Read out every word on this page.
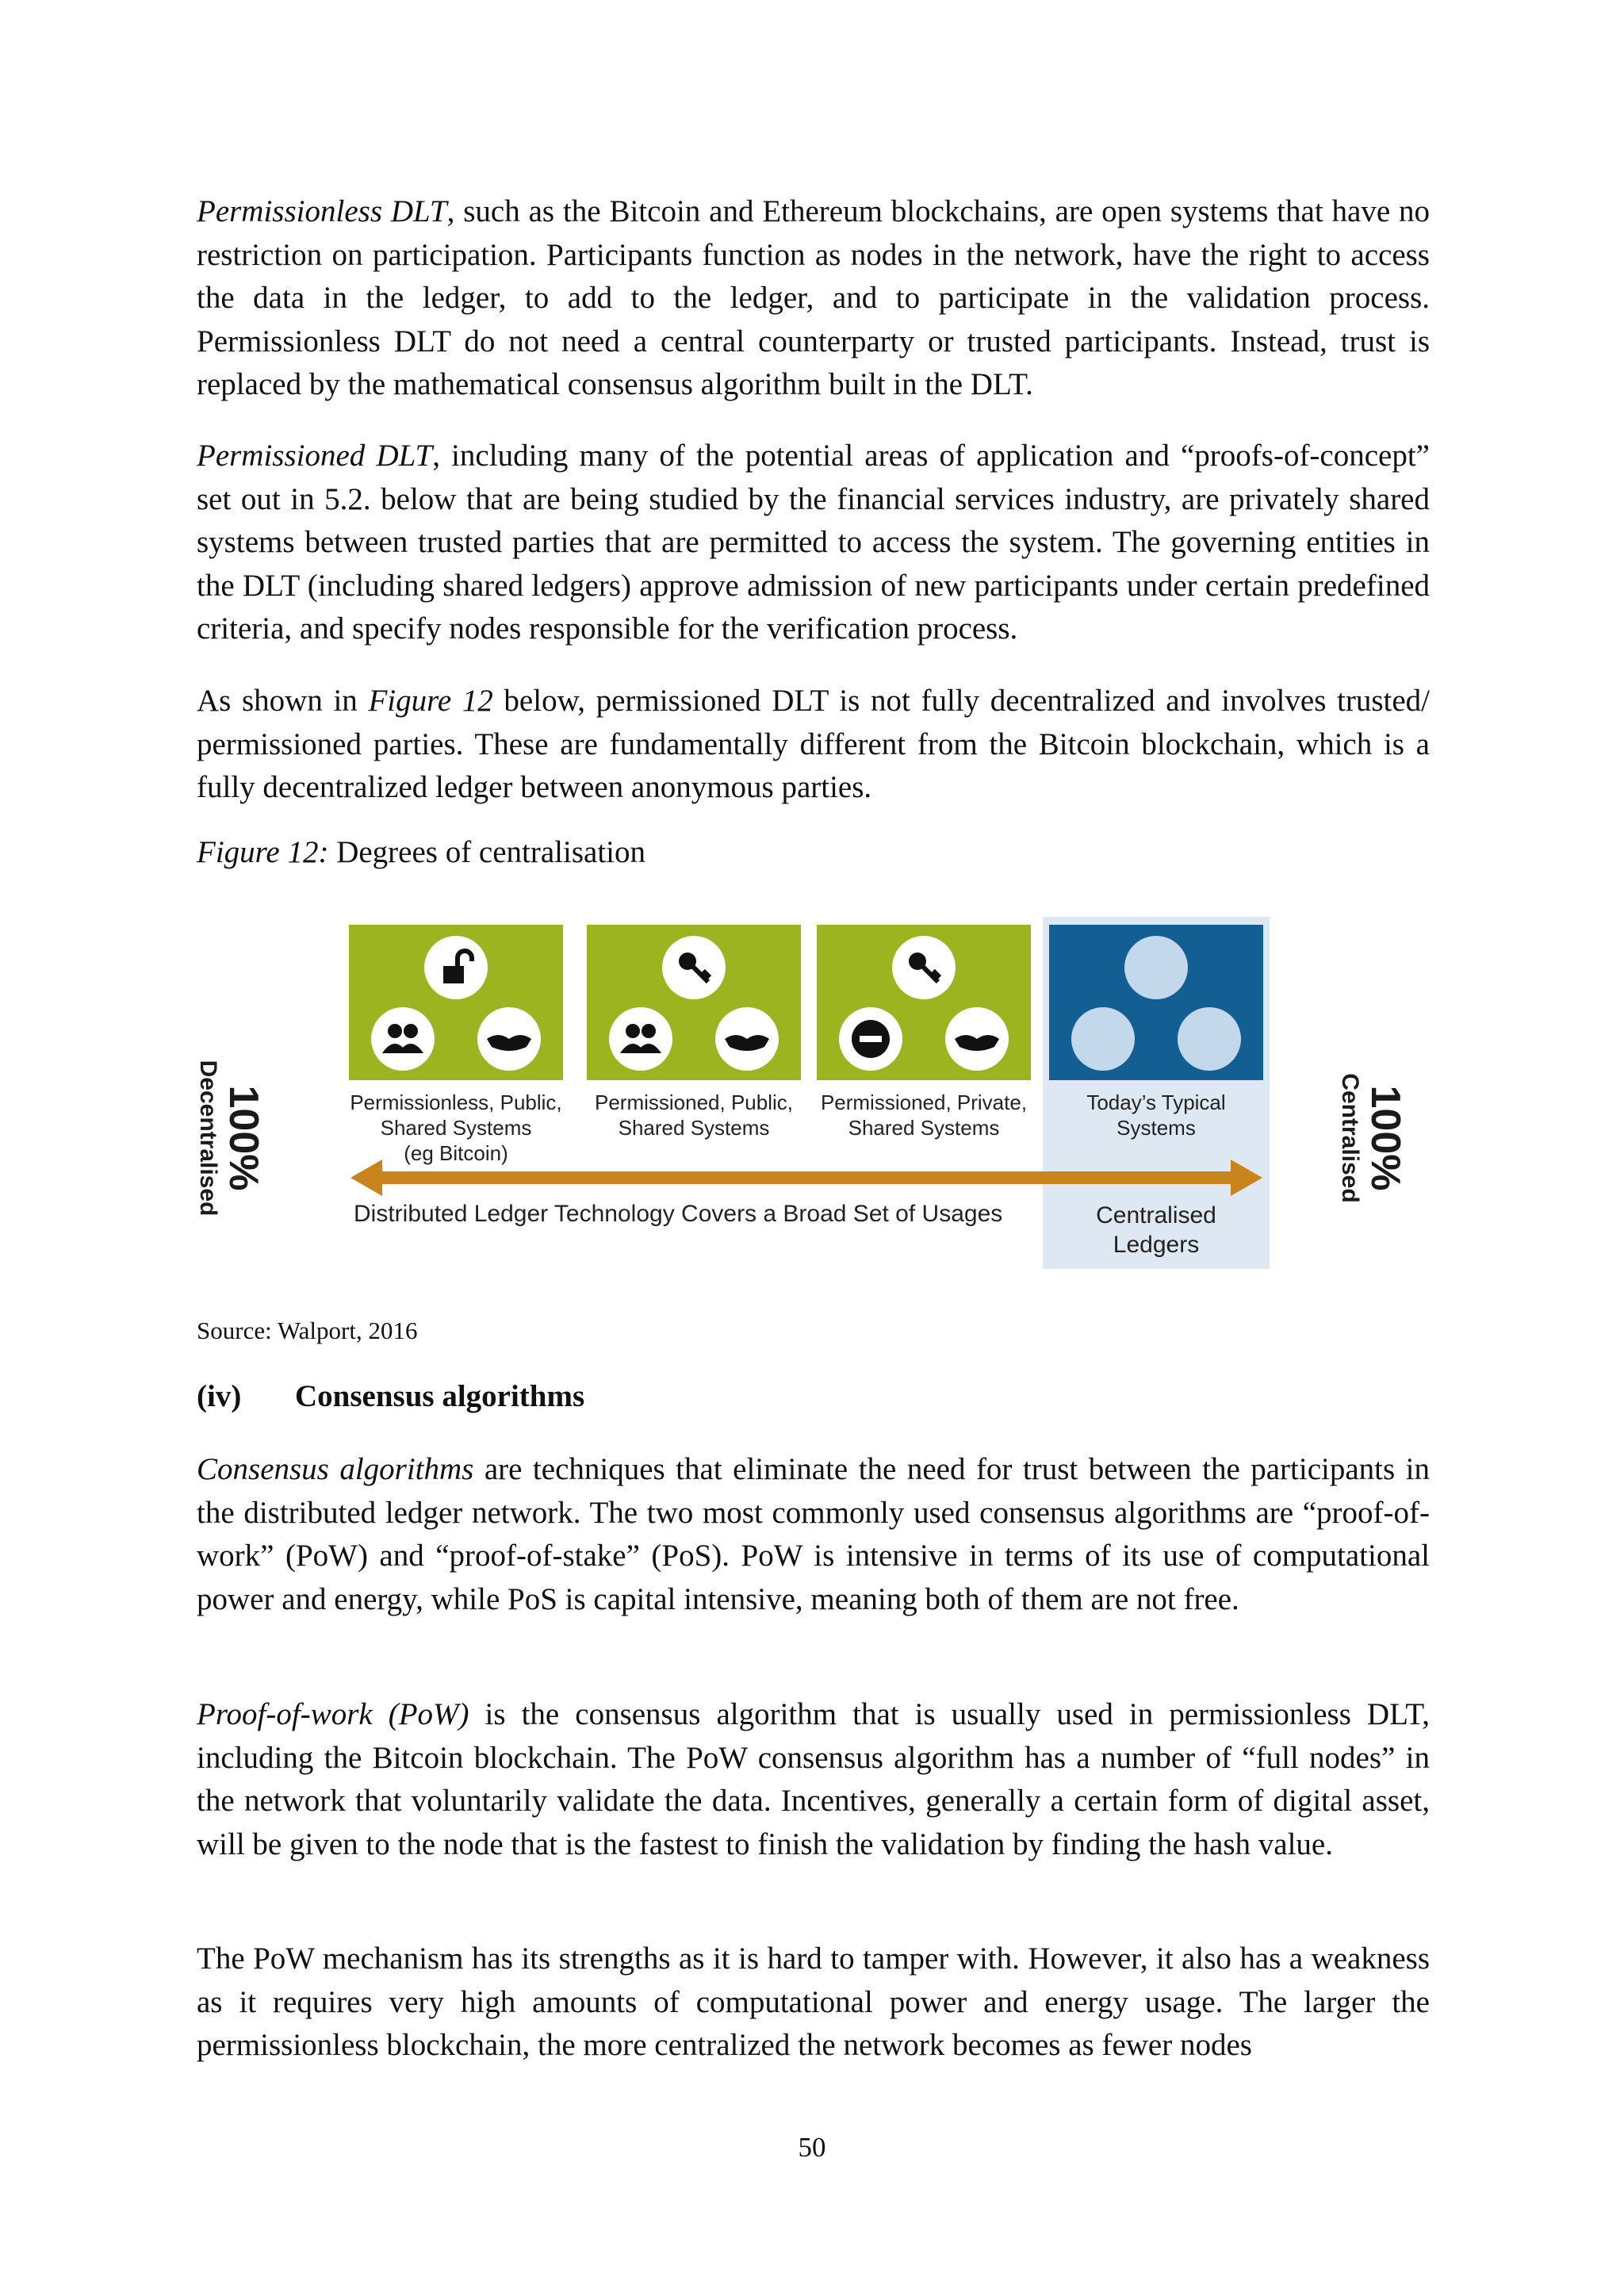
Permissionless DLT, such as the Bitcoin and Ethereum blockchains, are open systems that have no restriction on participation. Participants function as nodes in the network, have the right to access the data in the ledger, to add to the ledger, and to participate in the validation process. Permissionless DLT do not need a central counterparty or trusted participants. Instead, trust is replaced by the mathematical consensus algorithm built in the DLT.

Permissioned DLT, including many of the potential areas of application and “proofs-of-concept” set out in 5.2. below that are being studied by the financial services industry, are privately shared systems between trusted parties that are permitted to access the system. The governing entities in the DLT (including shared ledgers) approve admission of new participants under certain predefined criteria, and specify nodes responsible for the verification process.

As shown in Figure 12 below, permissioned DLT is not fully decentralized and involves trusted/ permissioned parties. These are fundamentally different from the Bitcoin blockchain, which is a fully decentralized ledger between anonymous parties.

Figure 12: Degrees of centralisation

Permissionless, Public,
Shared Systems
(eg Bitcoin)

Permissioned, Public,
Shared Systems

Permissioned, Private,
Shared Systems

Today’s Typical
Systems

Distributed Ledger Technology Covers a Broad Set of Usages	Centralised
Ledgers

100%
Decentralised	100%
Centralised

Source: Walport, 2016

(iv) Consensus algorithms

Consensus algorithms are techniques that eliminate the need for trust between the participants in the distributed ledger network. The two most commonly used consensus algorithms are “proof-of-work” (PoW) and “proof-of-stake” (PoS). PoW is intensive in terms of its use of computational power and energy, while PoS is capital intensive, meaning both of them are not free.

Proof-of-work (PoW) is the consensus algorithm that is usually used in permissionless DLT, including the Bitcoin blockchain. The PoW consensus algorithm has a number of “full nodes” in the network that voluntarily validate the data. Incentives, generally a certain form of digital asset, will be given to the node that is the fastest to finish the validation by finding the hash value.

The PoW mechanism has its strengths as it is hard to tamper with. However, it also has a weakness as it requires very high amounts of computational power and energy usage. The larger the permissionless blockchain, the more centralized the network becomes as fewer nodes

50
